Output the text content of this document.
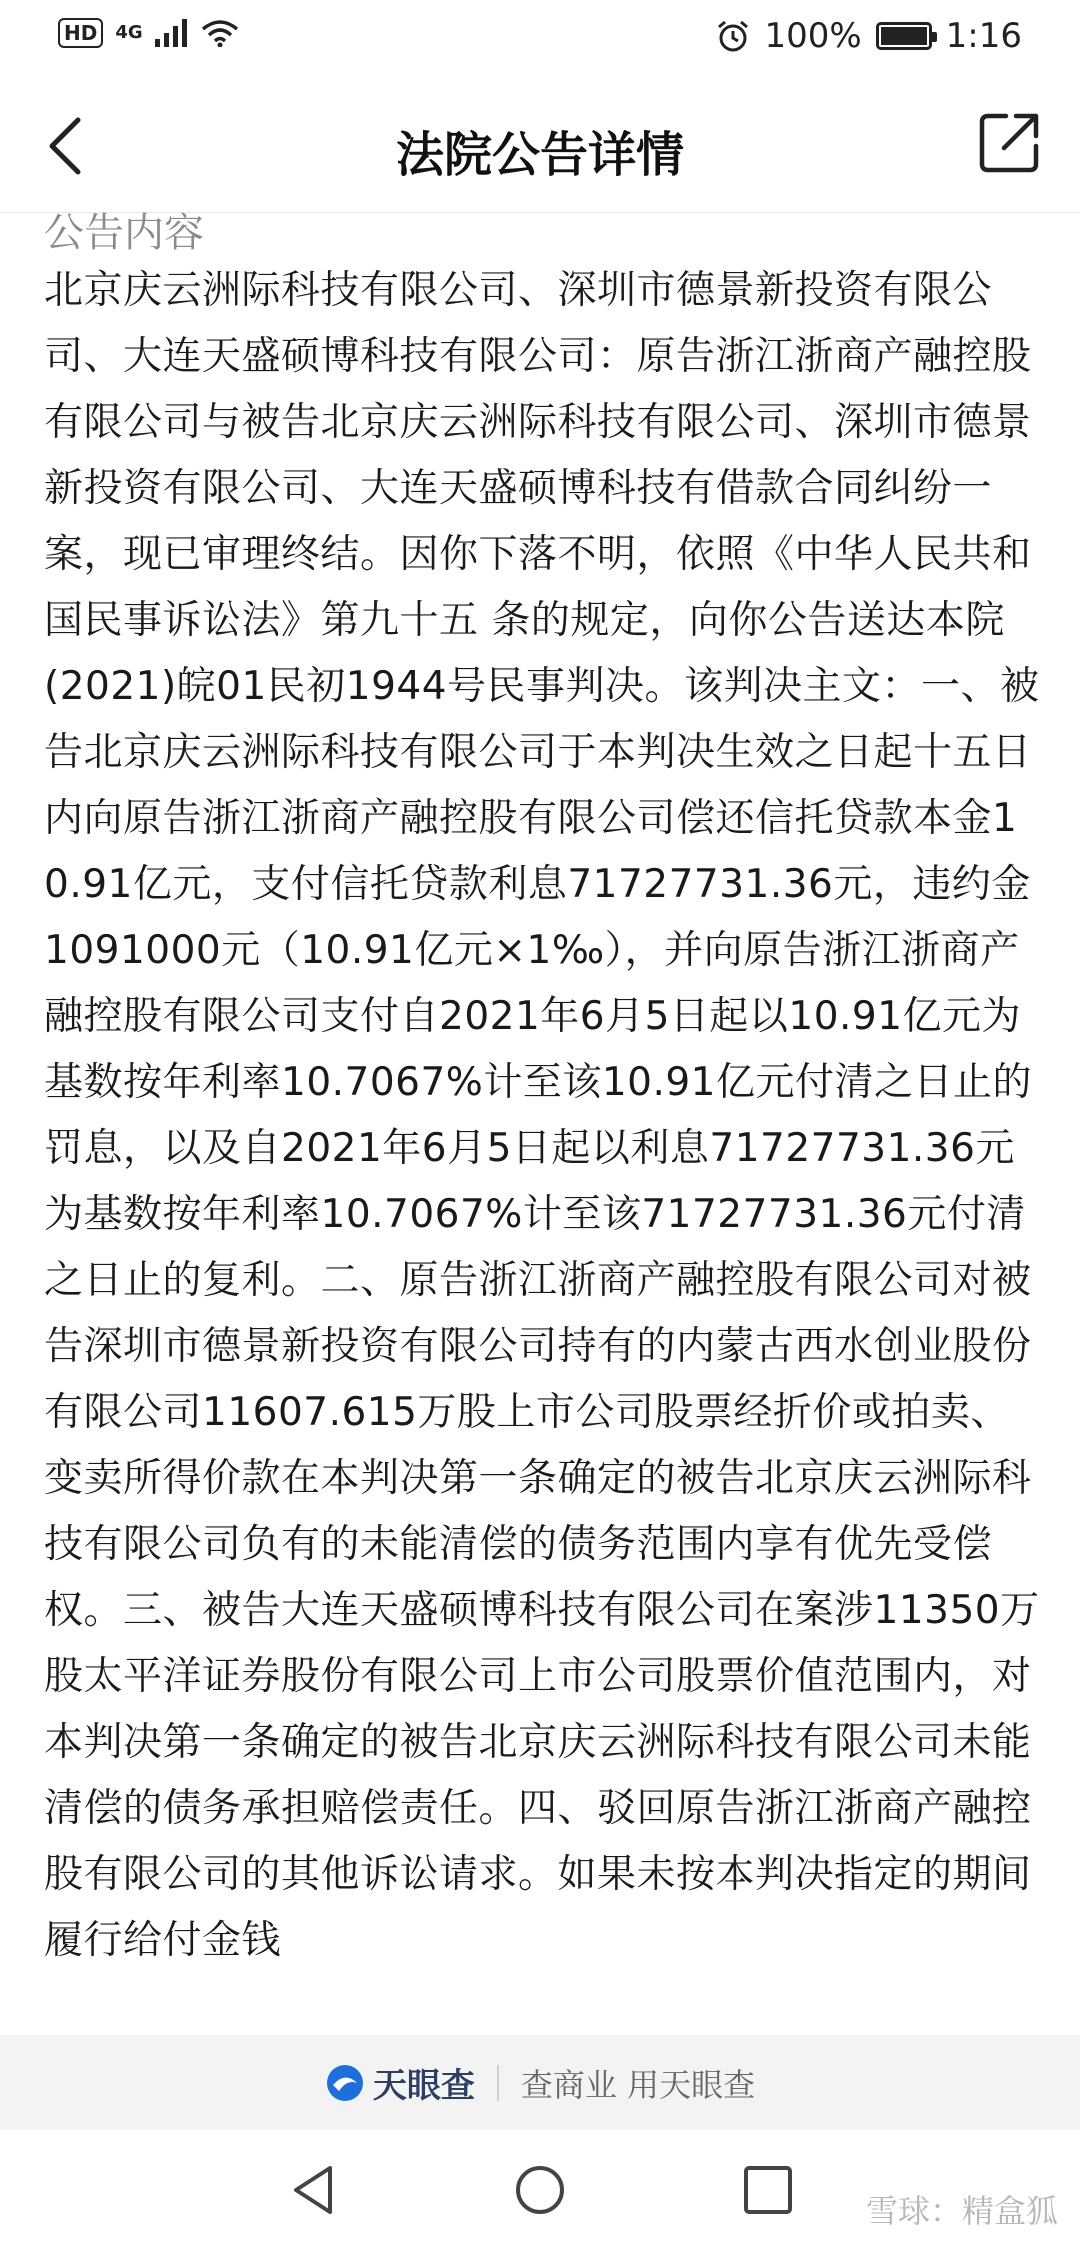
HD	4G	100% 1:16
法院公告详情
公告内容

北京庆云洲际科技有限公司、深圳市德景新投资有限公司、大连天盛硕博科技有限公司：原告浙江浙商产融控股有限公司与被告北京庆云洲际科技有限公司、深圳市德景新投资有限公司、大连天盛硕博科技有借款合同纠纷一案，现已审理终结。因你下落不明，依照《中华人民共和国民事诉讼法》第九十五 条的规定，向你公告送达本院(2021)皖01民初1944号民事判决。该判决主文：一、被告北京庆云洲际科技有限公司于本判决生效之日起十五日内向原告浙江浙商产融控股有限公司偿还信托贷款本金10.91亿元，支付信托贷款利息71727731.36元，违约金1091000元（10.91亿元×1‰），并向原告浙江浙商产融控股有限公司支付自2021年6月5日起以10.91亿元为基数按年利率10.7067%计至该10.91亿元付清之日止的罚息，以及自2021年6月5日起以利息71727731.36元为基数按年利率10.7067%计至该71727731.36元付清之日止的复利。二、原告浙江浙商产融控股有限公司对被告深圳市德景新投资有限公司持有的内蒙古西水创业股份有限公司11607.615万股上市公司股票经折价或拍卖、变卖所得价款在本判决第一条确定的被告北京庆云洲际科技有限公司负有的未能清偿的债务范围内享有优先受偿权。三、被告大连天盛硕博科技有限公司在案涉11350万股太平洋证券股份有限公司上市公司股票价值范围内，对本判决第一条确定的被告北京庆云洲际科技有限公司未能清偿的债务承担赔偿责任。四、驳回原告浙江浙商产融控股有限公司的其他诉讼请求。如果未按本判决指定的期间履行给付金钱

天眼查 查商业 用天眼查
雪球：精盒狐
